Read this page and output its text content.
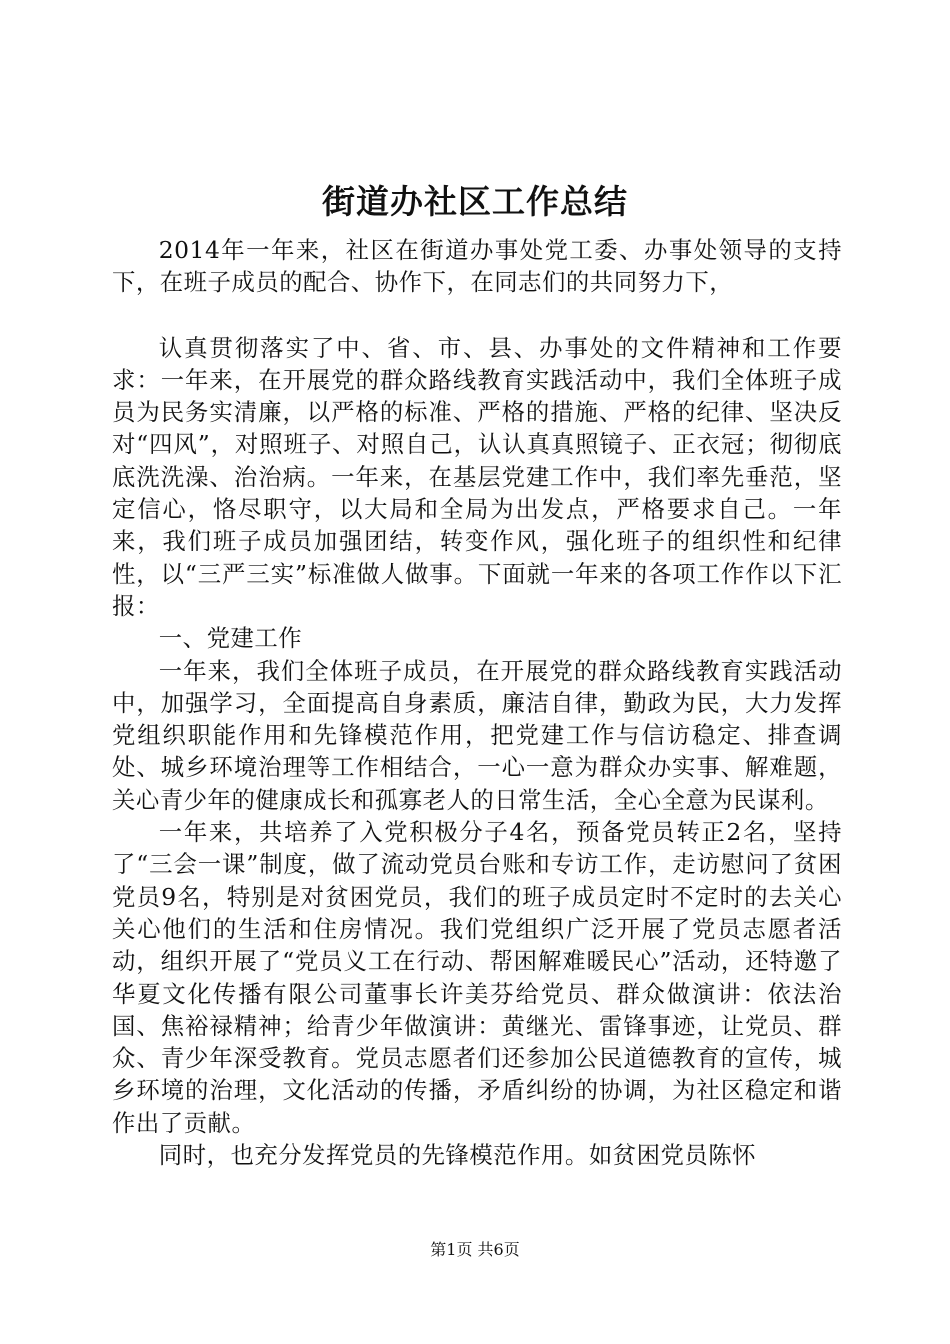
街道办社区工作总结

2014年一年来，社区在街道办事处党工委、办事处领导的支持下，在班子成员的配合、协作下，在同志们的共同努力下，

认真贯彻落实了中、省、市、县、办事处的文件精神和工作要求：一年来，在开展党的群众路线教育实践活动中，我们全体班子成员为民务实清廉，以严格的标准、严格的措施、严格的纪律、坚决反对“四风”，对照班子、对照自己，认认真真照镜子、正衣冠；彻彻底底洗洗澡、治治病。一年来，在基层党建工作中，我们率先垂范，坚定信心，恪尽职守，以大局和全局为出发点，严格要求自己。一年来，我们班子成员加强团结，转变作风，强化班子的组织性和纪律性，以“三严三实”标准做人做事。下面就一年来的各项工作作以下汇报：

一、党建工作

一年来，我们全体班子成员，在开展党的群众路线教育实践活动中，加强学习，全面提高自身素质，廉洁自律，勤政为民，大力发挥党组织职能作用和先锋模范作用，把党建工作与信访稳定、排查调处、城乡环境治理等工作相结合，一心一意为群众办实事、解难题，关心青少年的健康成长和孤寡老人的日常生活，全心全意为民谋利。

一年来，共培养了入党积极分子4名，预备党员转正2名，坚持了“三会一课”制度，做了流动党员台账和专访工作，走访慰问了贫困党员9名，特别是对贫困党员，我们的班子成员定时不定时的去关心关心他们的生活和住房情况。我们党组织广泛开展了党员志愿者活动，组织开展了“党员义工在行动、帮困解难暖民心”活动，还特邀了华夏文化传播有限公司董事长许美芬给党员、群众做演讲：依法治国、焦裕禄精神；给青少年做演讲：黄继光、雷锋事迹，让党员、群众、青少年深受教育。党员志愿者们还参加公民道德教育的宣传，城乡环境的治理，文化活动的传播，矛盾纠纷的协调，为社区稳定和谐作出了贡献。

同时，也充分发挥党员的先锋模范作用。如贫困党员陈怀

第1页 共6页
